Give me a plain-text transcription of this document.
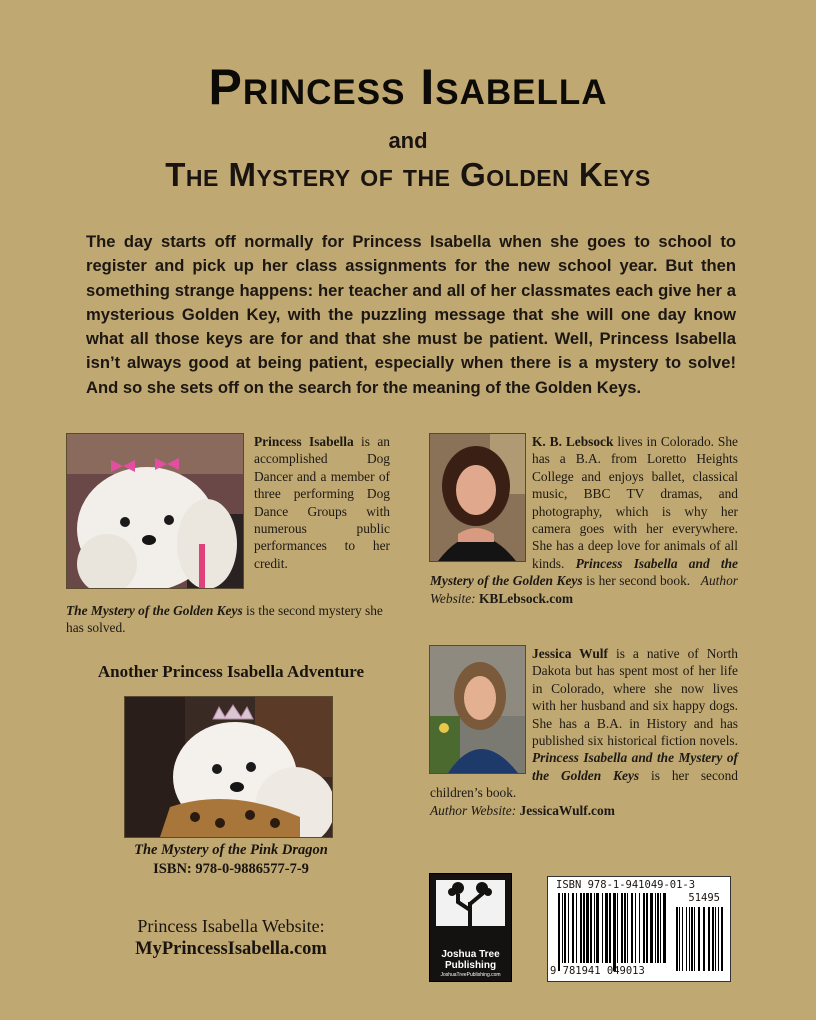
Princess Isabella
and
The Mystery of the Golden Keys
The day starts off normally for Princess Isabella when she goes to school to register and pick up her class assignments for the new school year. But then something strange happens: her teacher and all of her classmates each give her a mysterious Golden Key, with the puzzling message that she will one day know what all those keys are for and that she must be patient. Well, Princess Isabella isn’t always good at being patient, especially when there is a mystery to solve! And so she sets off on the search for the meaning of the Golden Keys.
Princess Isabella is an accomplished Dog Dancer and a member of three performing Dog Dance Groups with numerous public performances to her credit.
The Mystery of the Golden Keys is the second mystery she has solved.
Another Princess Isabella Adventure
The Mystery of the Pink Dragon
ISBN: 978-0-9886577-7-9
Princess Isabella Website:
MyPrincessIsabella.com
K. B. Lebsock lives in Colorado. She has a B.A. from Loretto Heights College and enjoys ballet, classical music, BBC TV dramas, and photography, which is why her camera goes with her everywhere. She has a deep love for animals of all kinds. Princess Isabella and the Mystery of the Golden Keys is her second book. Author Website: KBLebsock.com
Jessica Wulf is a native of North Dakota but has spent most of her life in Colorado, where she now lives with her husband and six happy dogs. She has a B.A. in History and has published six historical fiction novels. Princess Isabella and the Mystery of the Golden Keys is her second children’s book.
Author Website: JessicaWulf.com
Joshua Tree
Publishing
JoshuaTreePublishing.com
ISBN 978-1-941049-01-3
51495
9 781941 049013
